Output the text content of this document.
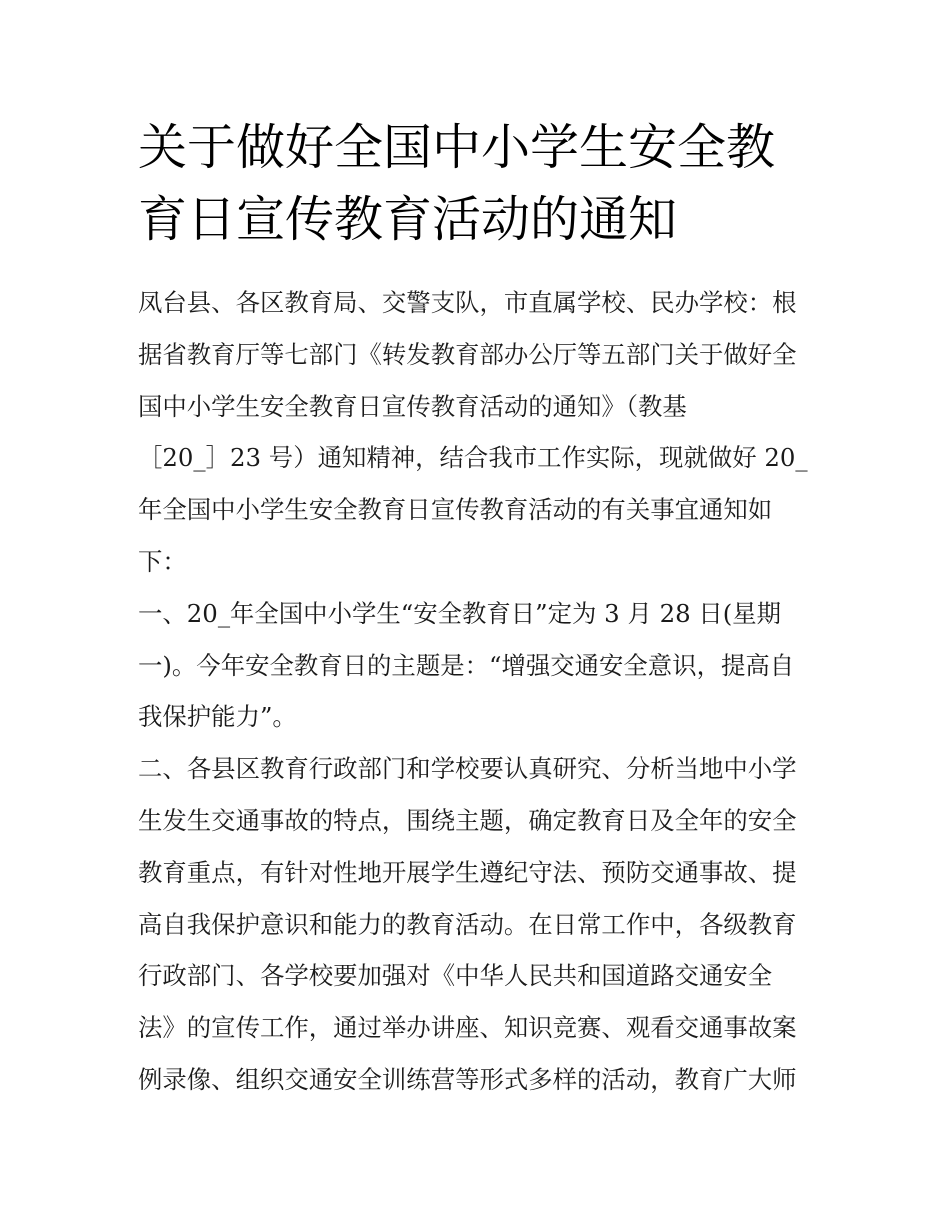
关于做好全国中小学生安全教
育日宣传教育活动的通知
凤台县、各区教育局、交警支队，市直属学校、民办学校：根
据省教育厅等七部门《转发教育部办公厅等五部门关于做好全
国中小学生安全教育日宣传教育活动的通知》（教基
［20_］23 号）通知精神，结合我市工作实际，现就做好 20_
年全国中小学生安全教育日宣传教育活动的有关事宜通知如
下：
一、20_年全国中小学生“安全教育日”定为 3 月 28 日(星期
一)。今年安全教育日的主题是：“增强交通安全意识，提高自
我保护能力”。
二、各县区教育行政部门和学校要认真研究、分析当地中小学
生发生交通事故的特点，围绕主题，确定教育日及全年的安全
教育重点，有针对性地开展学生遵纪守法、预防交通事故、提
高自我保护意识和能力的教育活动。在日常工作中，各级教育
行政部门、各学校要加强对《中华人民共和国道路交通安全
法》的宣传工作，通过举办讲座、知识竞赛、观看交通事故案
例录像、组织交通安全训练营等形式多样的活动，教育广大师
